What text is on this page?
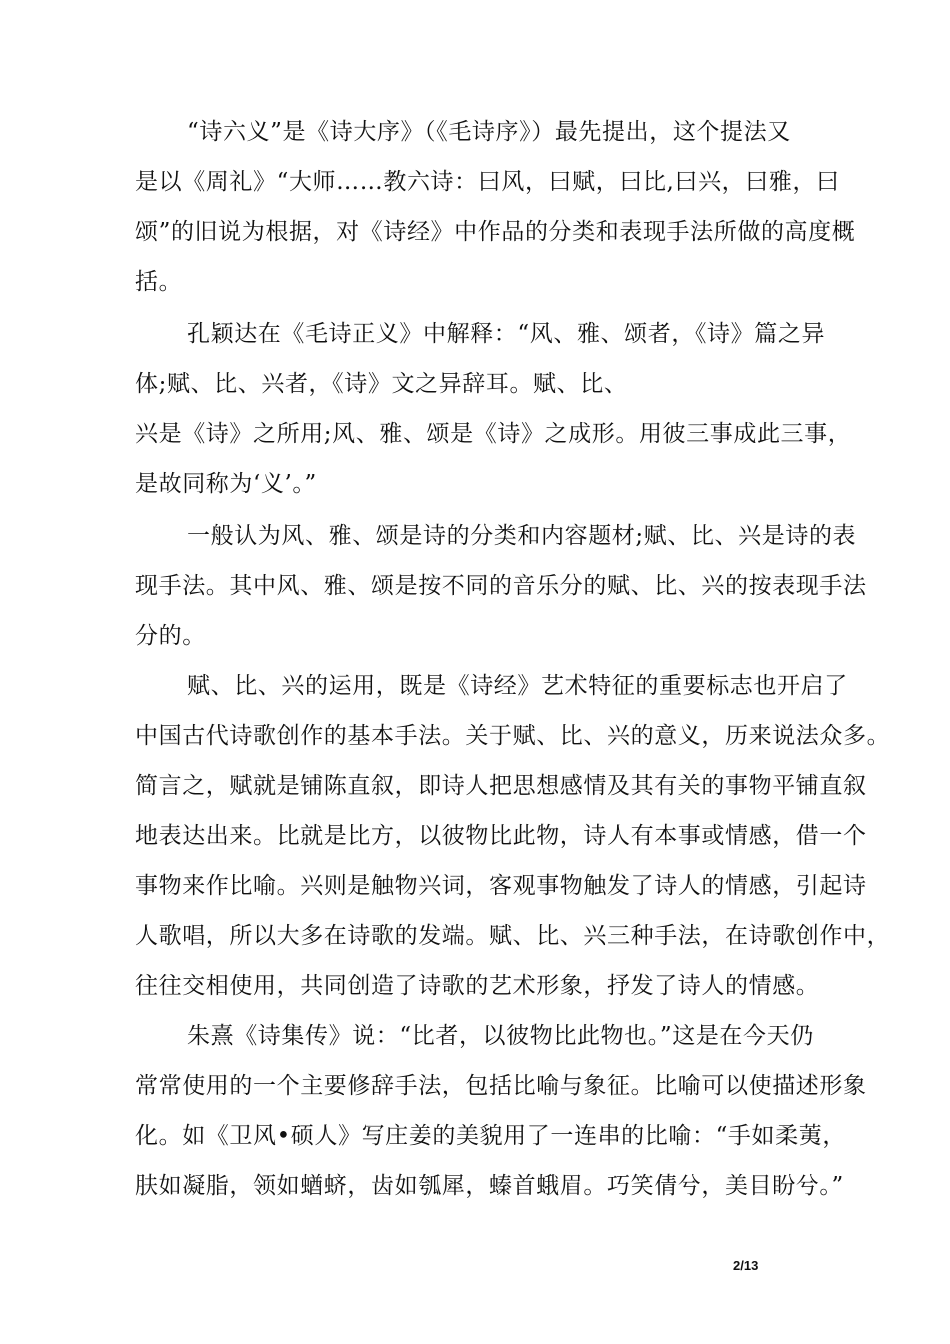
“诗六义”是《诗大序》（《毛诗序》）最先提出，这个提法又
是以《周礼》“大师……教六诗：曰风，曰赋，曰比,曰兴，曰雅，曰
颂”的旧说为根据，对《诗经》中作品的分类和表现手法所做的高度概
括。
孔颖达在《毛诗正义》中解释：“风、雅、颂者，《诗》篇之异
体;赋、比、兴者，《诗》文之异辞耳。赋、比、
兴是《诗》之所用;风、雅、颂是《诗》之成形。用彼三事成此三事，
是故同称为‘义’。”
一般认为风、雅、颂是诗的分类和内容题材;赋、比、兴是诗的表
现手法。其中风、雅、颂是按不同的音乐分的赋、比、兴的按表现手法
分的。
赋、比、兴的运用，既是《诗经》艺术特征的重要标志也开启了
中国古代诗歌创作的基本手法。关于赋、比、兴的意义，历来说法众多。
简言之，赋就是铺陈直叙，即诗人把思想感情及其有关的事物平铺直叙
地表达出来。比就是比方，以彼物比此物，诗人有本事或情感，借一个
事物来作比喻。兴则是触物兴词，客观事物触发了诗人的情感，引起诗
人歌唱，所以大多在诗歌的发端。赋、比、兴三种手法，在诗歌创作中，
往往交相使用，共同创造了诗歌的艺术形象，抒发了诗人的情感。
朱熹《诗集传》说：“比者，以彼物比此物也。”这是在今天仍
常常使用的一个主要修辞手法，包括比喻与象征。比喻可以使描述形象
化。如《卫风•硕人》写庄姜的美貌用了一连串的比喻：“手如柔荑，
肤如凝脂，领如蝤蛴，齿如瓠犀，螓首蛾眉。巧笑倩兮，美目盼兮。”
2/13
